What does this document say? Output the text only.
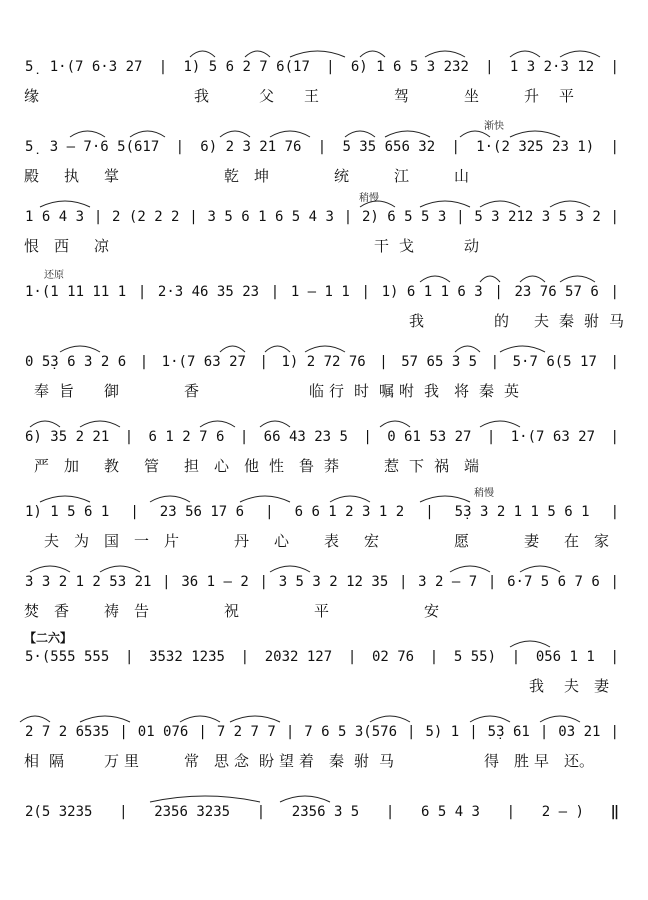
5̣ 1·(7 6·3 27 | 1) 5 6 2 7 6(17 | 6) 1 6 5 3 232 | 1 3 2·3 12 |
缘	我	父 王	驾	坐	升 平
5̣ 3 – 7·6 5(617 | 6) 2 3 21 76 | 5 35 656 32 | 1·(2 325 23 1) |
殿 执 掌	乾 坤	统	江	山
渐快
1 6 4 3 | 2 (2 2 2 | 3 5 6 1 6 5 4 3 | 2) 6 5 5 3 | 5 3 212 3 5 3 2 |
恨 西 凉	干 戈	动
稍慢
1·(1 11 11 1 | 2·3 46 35 23 | 1 – 1 1 | 1) 6 1 1 6 3 | 23 76 57 6 |
我	的 夫 秦 驸 马
还原
0 5̣3 6 3 2 6 | 1·(7 63 27 | 1) 2 72 76 | 57 65 3 5 | 5·7 6(5 17 |
奉 旨 御	香	临 行 时 嘱 咐 我 将 秦 英
6) 35 2 21 | 6 1 2 7 6 | 66 43 23 5 | 0 61 53 27 | 1·(7 63 27 |
严 加 教 管 担 心 他 性 鲁 莽	惹 下 祸 端
1) 1 5 6 1 | 23 56 17 6 | 6 6 1 2 3 1 2 | 5̣3 3 2 1 1 5 6 1 |
夫 为 国 一 片	丹 心 表 宏	愿	妻 在 家
稍慢
3 3 2 1 2 53 21 | 36 1 – 2 | 3 5 3 2 12 35 | 3 2 – 7 | 6·7 5 6 7 6 |
焚 香 祷 告	祝	平	安
5·(555 555 | 3532 1235 | 2032 127 | 02 76 | 5 55) | 056 1 1 |
我 夫 妻
【二六】
2 7 2 6535 | 01 076 | 7 2 7 7 | 7 6 5 3(576 | 5) 1 | 5̣3 61 | 03 21 |
相 隔	万 里	常 思 念 盼 望 着 秦 驸 马	得 胜 早 还。
2(5 3235 | 2356 3235 | 2356 3 5 | 6 5 4 3 | 2 – ) ‖
